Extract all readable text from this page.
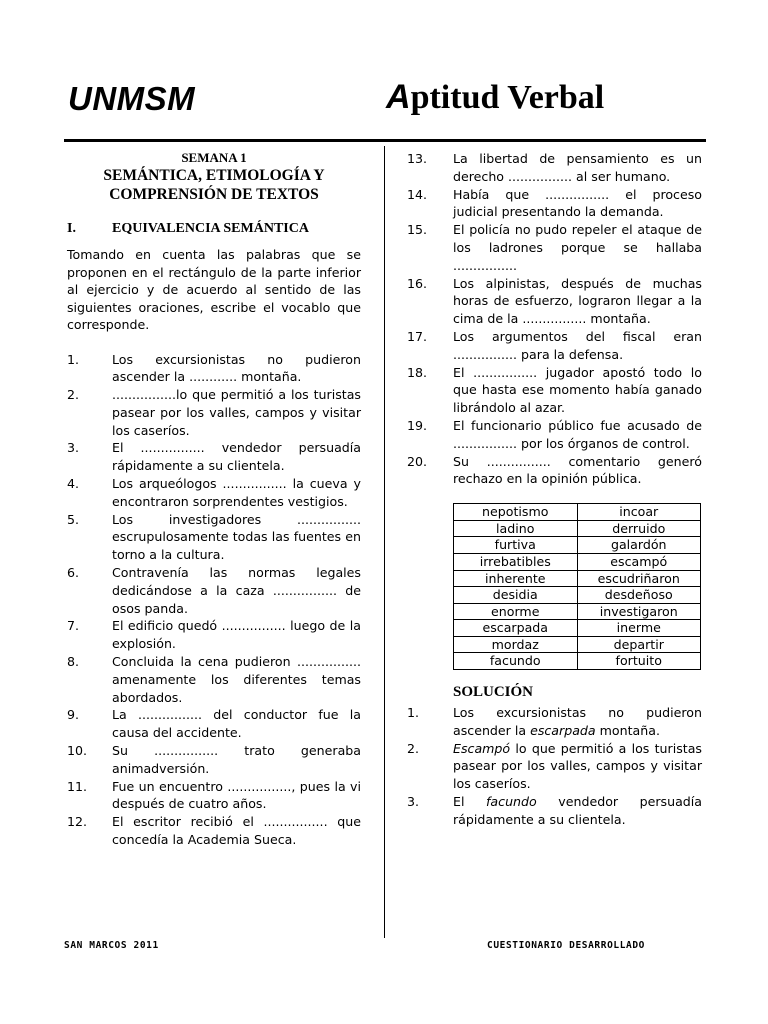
UNMSM	Aptitud Verbal
SEMANA 1
SEMÁNTICA, ETIMOLOGÍA Y
COMPRENSIÓN DE TEXTOS
I.	EQUIVALENCIA SEMÁNTICA

Tomando en cuenta las palabras que se proponen en el rectángulo de la parte inferior al ejercicio y de acuerdo al sentido de las siguientes oraciones, escribe el vocablo que corresponde.

1.	Los excursionistas no pudieron ascender la ............ montaña.
2.	................lo que permitió a los turistas pasear por los valles, campos y visitar los caseríos.
3.	El ................ vendedor persuadía rápidamente a su clientela.
4.	Los arqueólogos ................ la cueva y encontraron sorprendentes vestigios.
5.	Los investigadores ................ escrupulosamente todas las fuentes en torno a la cultura.
6.	Contravenía las normas legales dedicándose a la caza ................ de osos panda.
7.	El edificio quedó ................ luego de la explosión.
8.	Concluida la cena pudieron ................ amenamente los diferentes temas abordados.
9.	La ................ del conductor fue la causa del accidente.
10.	Su ................ trato generaba animadversión.
11.	Fue un encuentro ................, pues la vi después de cuatro años.
12.	El escritor recibió el ................ que concedía la Academia Sueca.
13.	La libertad de pensamiento es un derecho ................ al ser humano.
14.	Había que ................ el proceso judicial presentando la demanda.
15.	El policía no pudo repeler el ataque de los ladrones porque se hallaba ................
16.	Los alpinistas, después de muchas horas de esfuerzo, lograron llegar a la cima de la ................ montaña.
17.	Los argumentos del fiscal eran ................ para la defensa.
18.	El ................ jugador apostó todo lo que hasta ese momento había ganado librándolo al azar.
19.	El funcionario público fue acusado de ................ por los órganos de control.
20.	Su ................ comentario generó rechazo en la opinión pública.
nepotismo	incoar
ladino	derruido
furtiva	galardón
irrebatibles	escampó
inherente	escudriñaron
desidia	desdeñoso
enorme	investigaron
escarpada	inerme
mordaz	departir
facundo	fortuito
SOLUCIÓN
1.	Los excursionistas no pudieron ascender la escarpada montaña.
2.	Escampó lo que permitió a los turistas pasear por los valles, campos y visitar los caseríos.
3.	El facundo vendedor persuadía rápidamente a su clientela.
SAN MARCOS 2011	CUESTIONARIO DESARROLLADO
